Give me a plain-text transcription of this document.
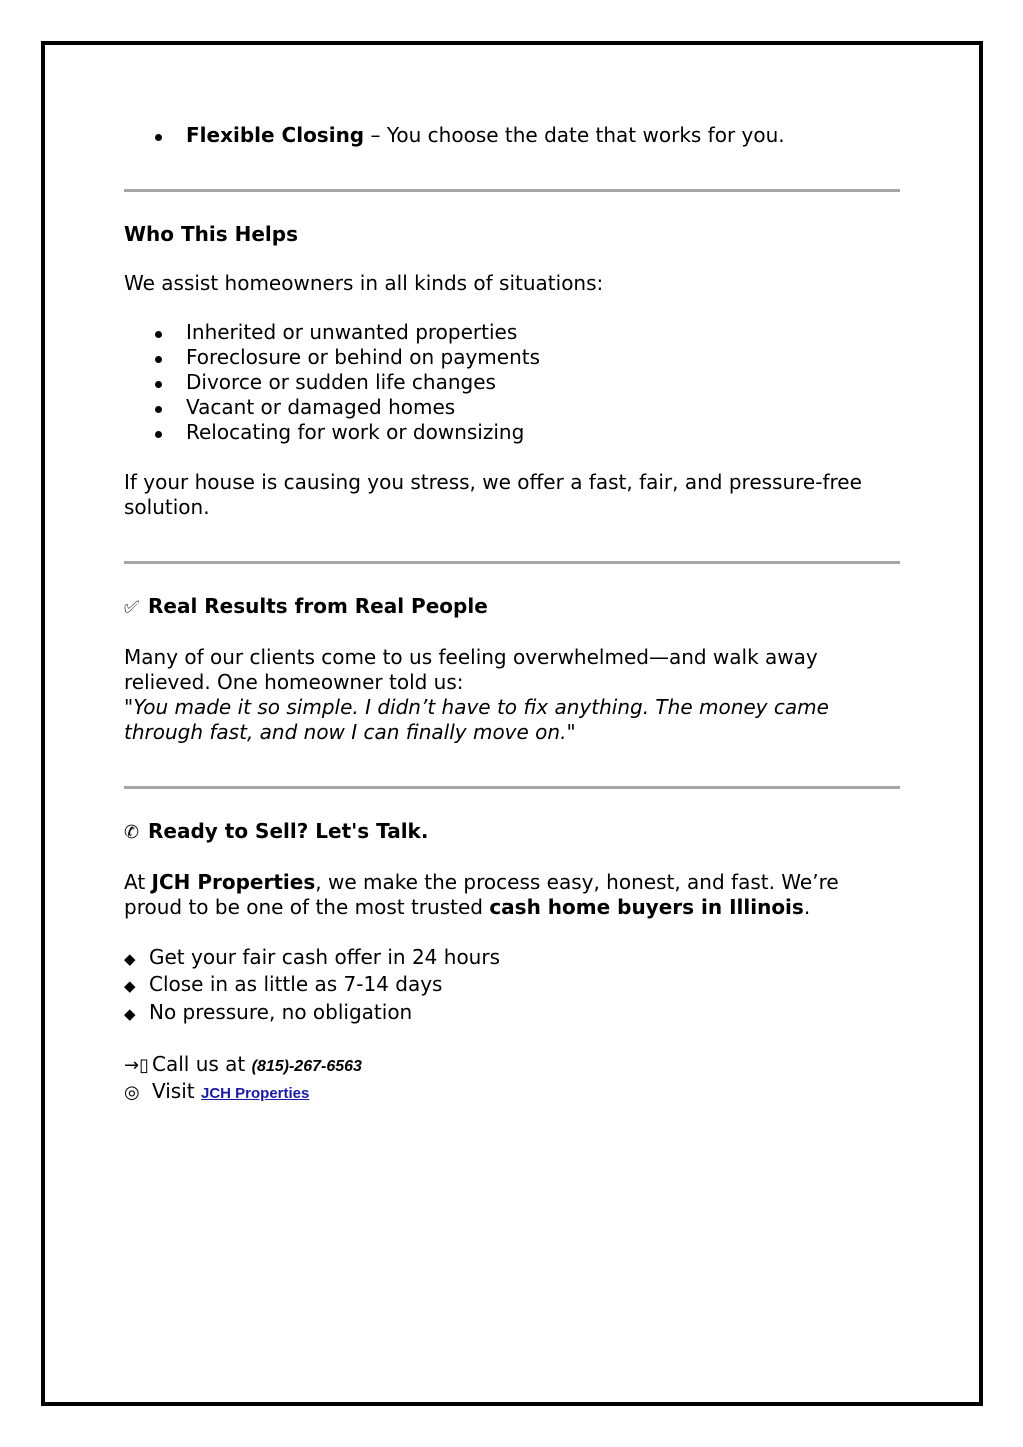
Flexible Closing – You choose the date that works for you.
Who This Helps
We assist homeowners in all kinds of situations:
Inherited or unwanted properties
Foreclosure or behind on payments
Divorce or sudden life changes
Vacant or damaged homes
Relocating for work or downsizing
If your house is causing you stress, we offer a fast, fair, and pressure-free
solution.
✅︎ Real Results from Real People
Many of our clients come to us feeling overwhelmed—and walk away
relieved. One homeowner told us:
"You made it so simple. I didn’t have to fix anything. The money came
through fast, and now I can finally move on."
✆ Ready to Sell? Let's Talk.
At JCH Properties, we make the process easy, honest, and fast. We’re
proud to be one of the most trusted cash home buyers in Illinois.
◆ Get your fair cash offer in 24 hours
◆ Close in as little as 7-14 days
◆ No pressure, no obligation
→▯ Call us at (815)-267-6563
◎ Visit JCH Properties
